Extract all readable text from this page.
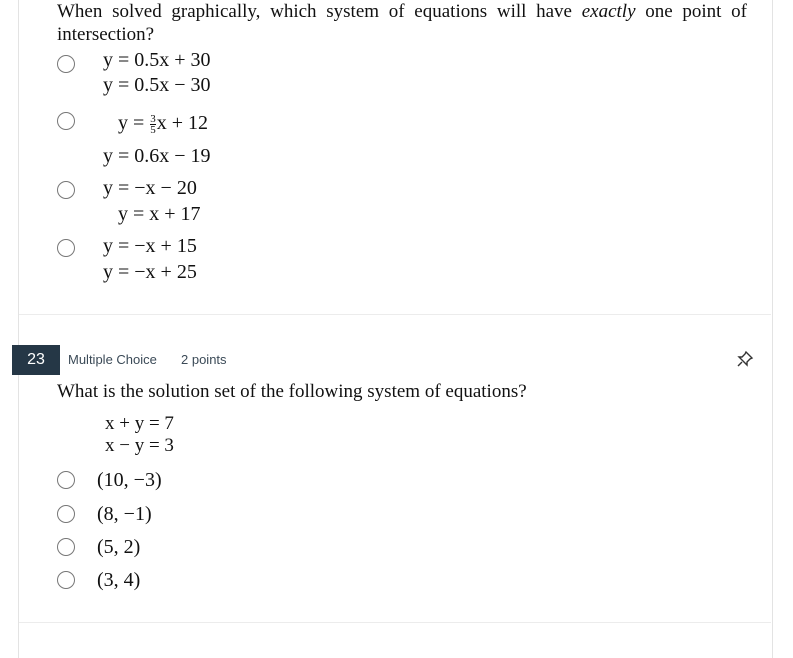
When solved graphically, which system of equations will have exactly one point of intersection?
y = 0.5x + 30
y = 0.5x − 30
$y = \frac{3}{5}$ x + 12
y = 0.6x − 19
y = −x − 20
y = x + 17
y = −x + 15
y = −x + 25
23	Multiple Choice 2 points
What is the solution set of the following system of equations?
x + y = 7
x − y = 3
(10, −3)
(8, −1)
(5, 2)
(3, 4)
